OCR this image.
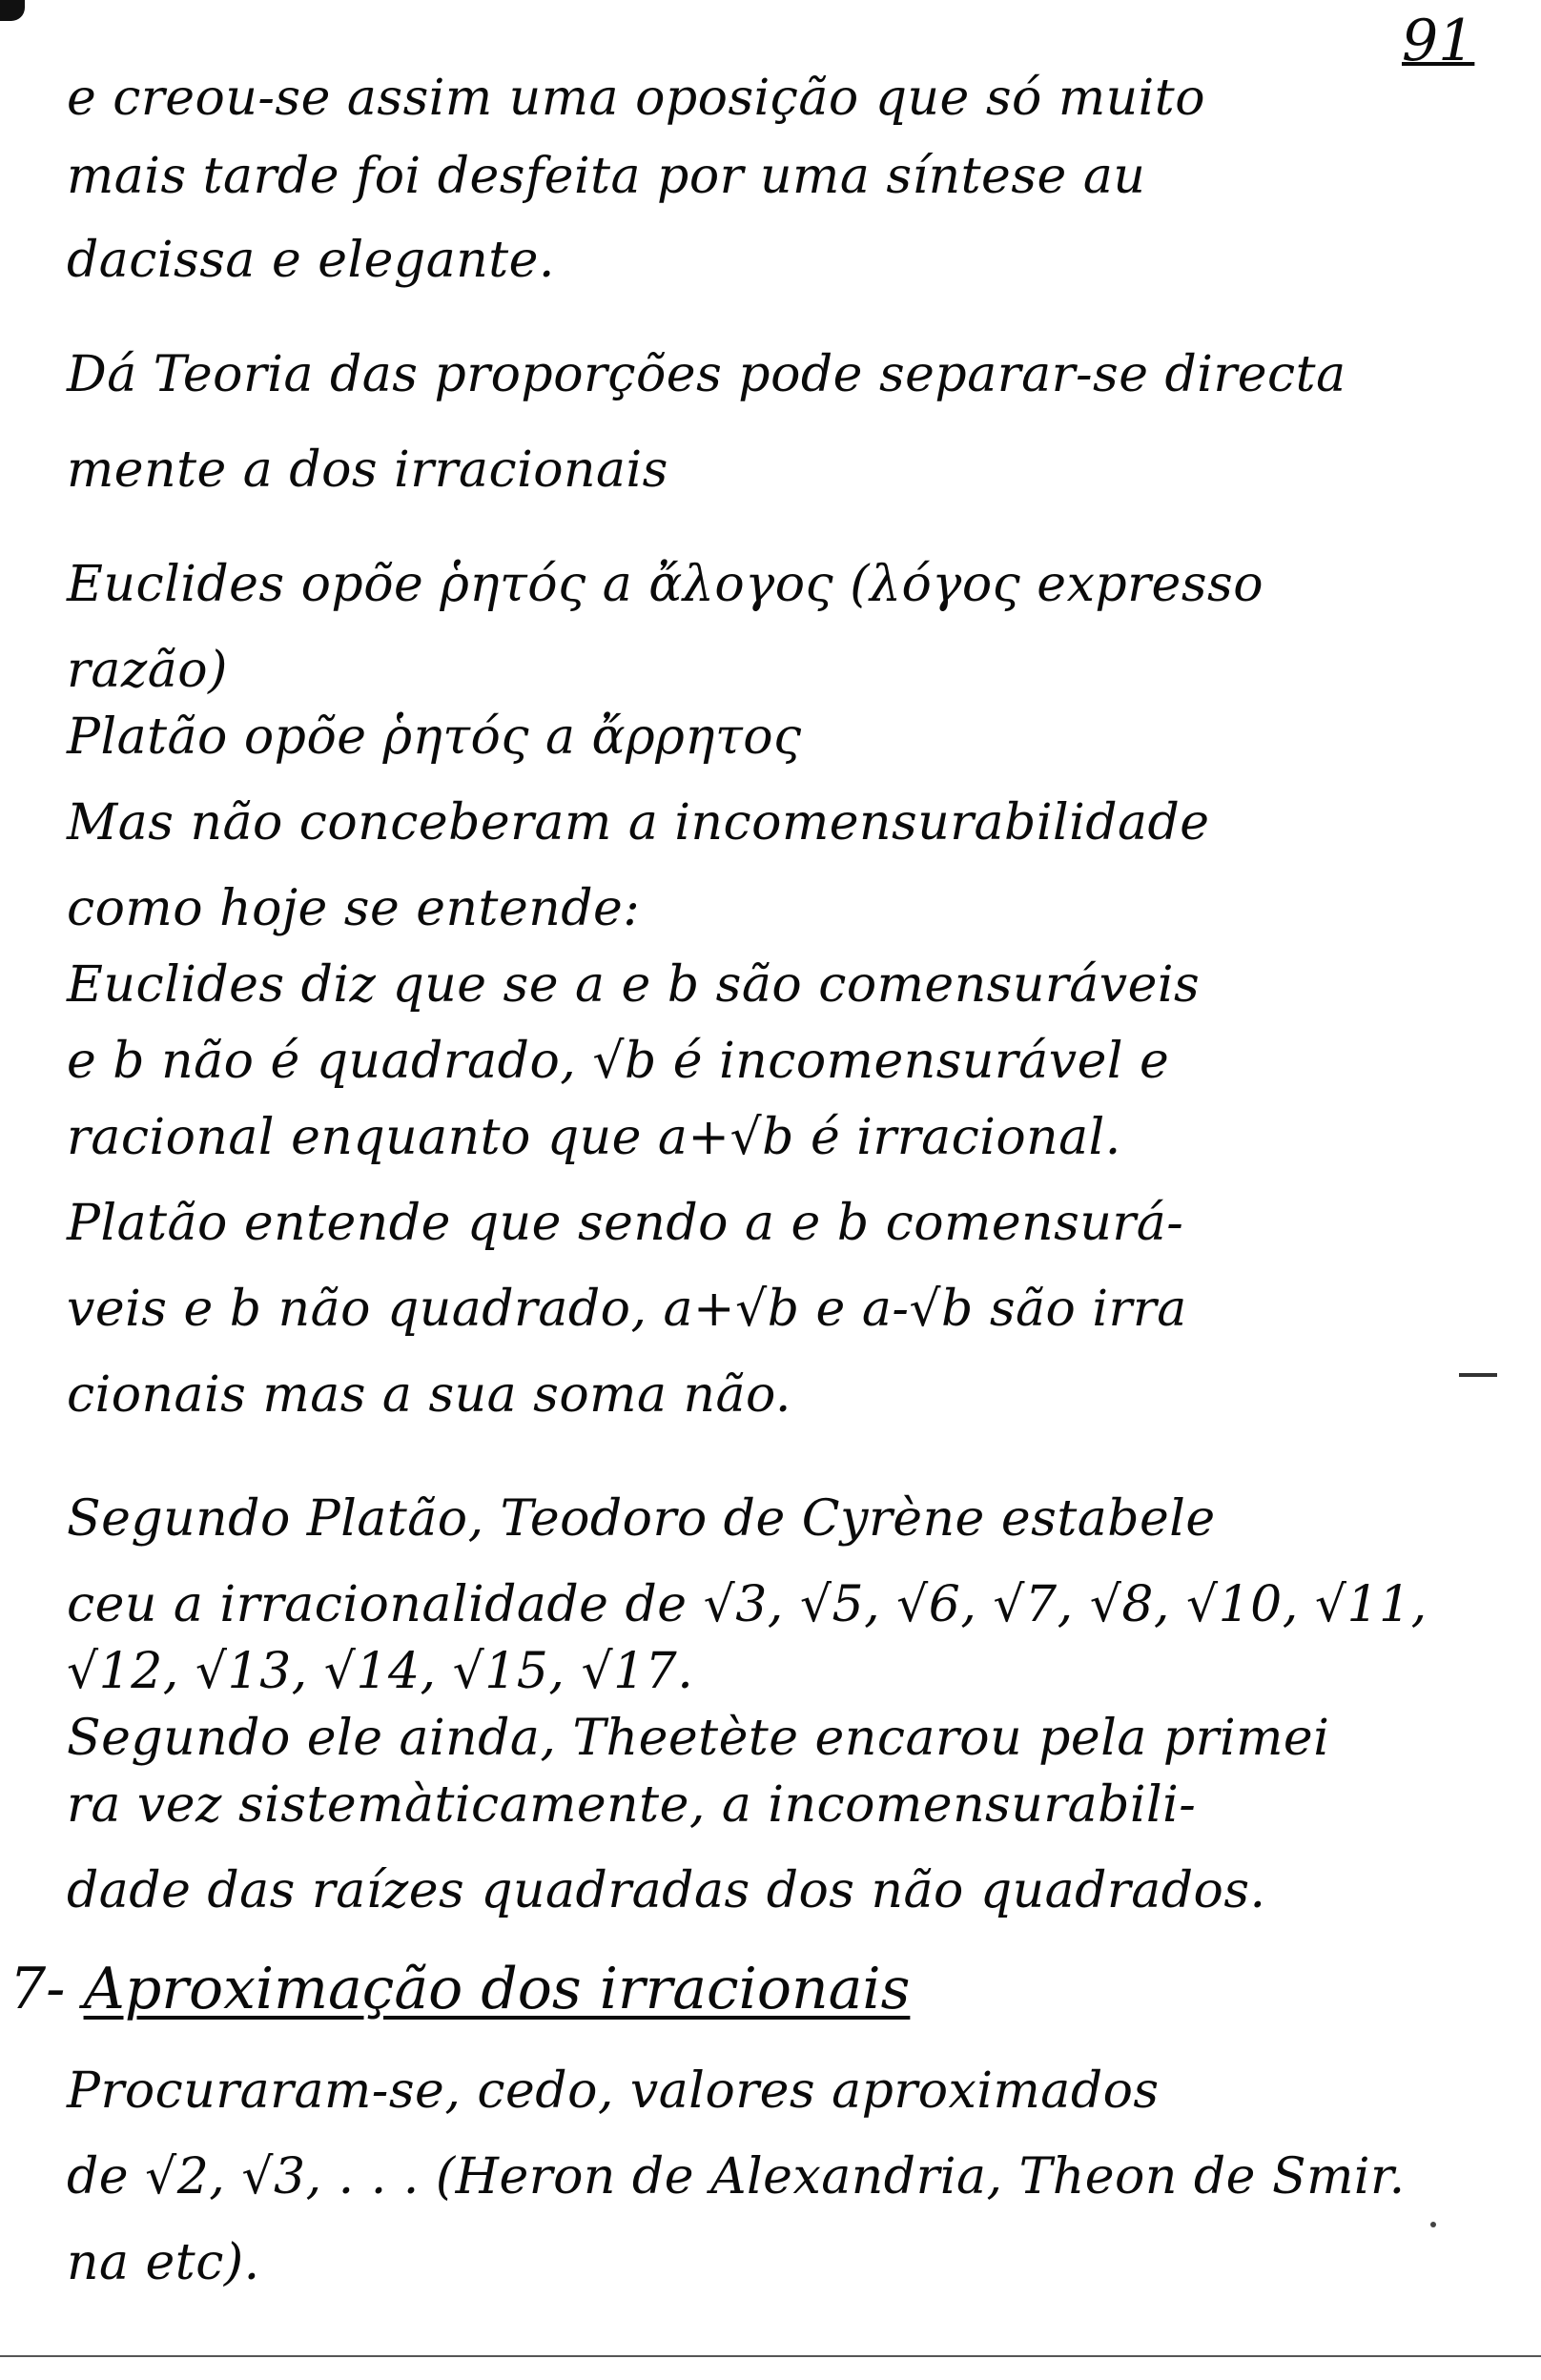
91
e creou-se assim uma oposição que só muito
mais tarde foi desfeita por uma síntese au
dacissa e elegante.
Dá Teoria das proporções pode separar-se directa
mente a dos irracionais
Euclides opõe ῥητός a ἄλογος (λόγος expresso
razão)
Platão opõe ῥητός a ἄρρητος
Mas não conceberam a incomensurabilidade
como hoje se entende:
Euclides diz que se a e b são comensuráveis
e b não é quadrado, √b é incomensurável e
racional enquanto que a+√b é irracional.
Platão entende que sendo a e b comensurá-
veis e b não quadrado, a+√b e a-√b são irra
cionais mas a sua soma não.
Segundo Platão, Teodoro de Cyrène estabele
ceu a irracionalidade de √3, √5, √6, √7, √8, √10, √11,
√12, √13, √14, √15, √17.
Segundo ele ainda, Theetète encarou pela primei
ra vez sistemàticamente, a incomensurabili-
dade das raízes quadradas dos não quadrados.
7- Aproximação dos irracionais
Procuraram-se, cedo, valores aproximados
de √2, √3, . . . (Heron de Alexandria, Theon de Smir.
na etc).
